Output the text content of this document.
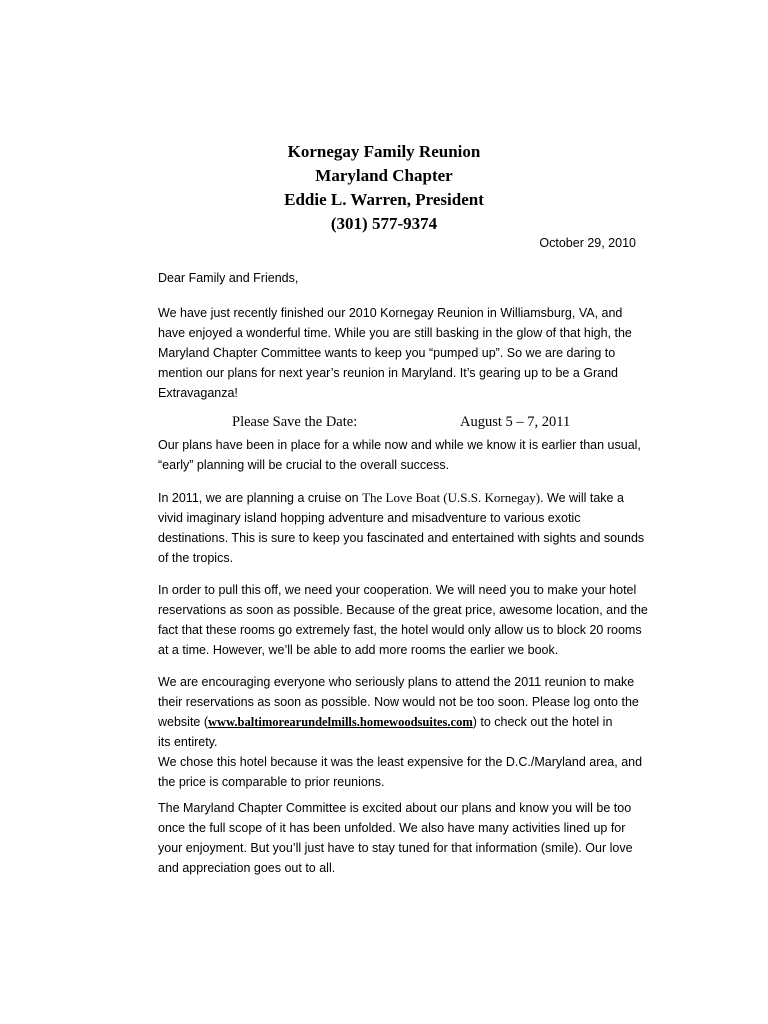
Kornegay Family Reunion
Maryland Chapter
Eddie L. Warren, President
(301) 577-9374
October 29, 2010
Dear Family and Friends,
We have just recently finished our 2010 Kornegay Reunion in Williamsburg, VA, and
have enjoyed a wonderful time. While you are still basking in the glow of that high, the
Maryland Chapter Committee wants to keep you “pumped up”. So we are daring to
mention our plans for next year’s reunion in Maryland. It’s gearing up to be a Grand
Extravaganza!
Please Save the Date:	August 5 – 7, 2011
Our plans have been in place for a while now and while we know it is earlier than usual,
“early” planning will be crucial to the overall success.
In 2011, we are planning a cruise on The Love Boat (U.S.S. Kornegay). We will take a
vivid imaginary island hopping adventure and misadventure to various exotic
destinations. This is sure to keep you fascinated and entertained with sights and sounds
of the tropics.
In order to pull this off, we need your cooperation. We will need you to make your hotel
reservations as soon as possible. Because of the great price, awesome location, and the
fact that these rooms go extremely fast, the hotel would only allow us to block 20 rooms
at a time. However, we’ll be able to add more rooms the earlier we book.
We are encouraging everyone who seriously plans to attend the 2011 reunion to make
their reservations as soon as possible. Now would not be too soon. Please log onto the
website (www.baltimorearundelmills.homewoodsuites.com) to check out the hotel in
its entirety.
We chose this hotel because it was the least expensive for the D.C./Maryland area, and
the price is comparable to prior reunions.
The Maryland Chapter Committee is excited about our plans and know you will be too
once the full scope of it has been unfolded. We also have many activities lined up for
your enjoyment. But you’ll just have to stay tuned for that information (smile). Our love
and appreciation goes out to all.
